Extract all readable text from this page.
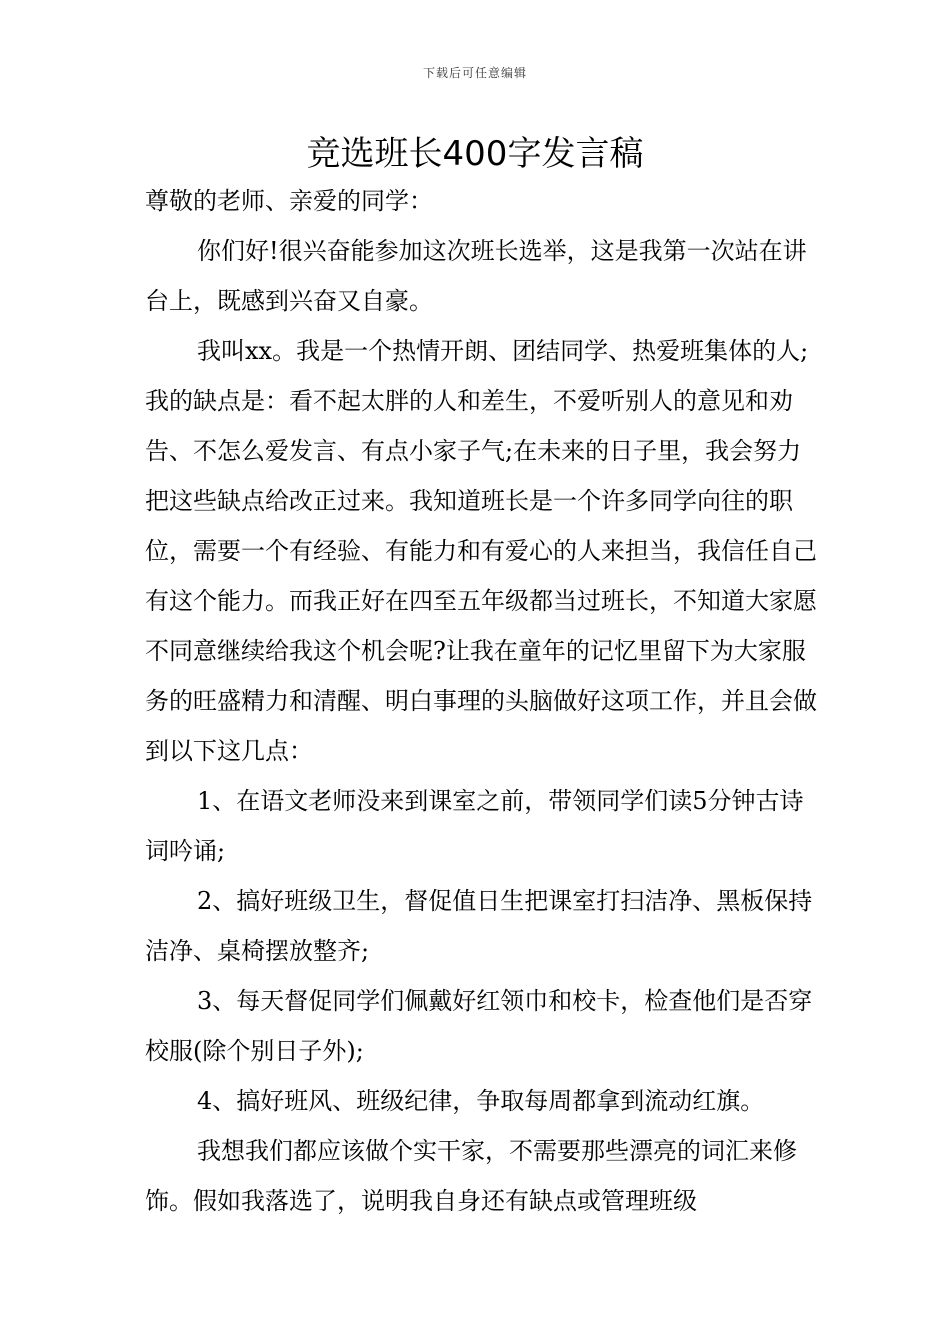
下载后可任意编辑
竞选班长400字发言稿

尊敬的老师、亲爱的同学：

你们好!很兴奋能参加这次班长选举，这是我第一次站在讲台上，既感到兴奋又自豪。

我叫xx。我是一个热情开朗、团结同学、热爱班集体的人;我的缺点是：看不起太胖的人和差生，不爱听别人的意见和劝告、不怎么爱发言、有点小家子气;在未来的日子里，我会努力把这些缺点给改正过来。我知道班长是一个许多同学向往的职位，需要一个有经验、有能力和有爱心的人来担当，我信任自己有这个能力。而我正好在四至五年级都当过班长，不知道大家愿不同意继续给我这个机会呢?让我在童年的记忆里留下为大家服务的旺盛精力和清醒、明白事理的头脑做好这项工作，并且会做到以下这几点：

1、在语文老师没来到课室之前，带领同学们读5分钟古诗词吟诵;

2、搞好班级卫生，督促值日生把课室打扫洁净、黑板保持洁净、桌椅摆放整齐;

3、每天督促同学们佩戴好红领巾和校卡，检查他们是否穿校服(除个别日子外);

4、搞好班风、班级纪律，争取每周都拿到流动红旗。

我想我们都应该做个实干家，不需要那些漂亮的词汇来修饰。假如我落选了，说明我自身还有缺点或管理班级
